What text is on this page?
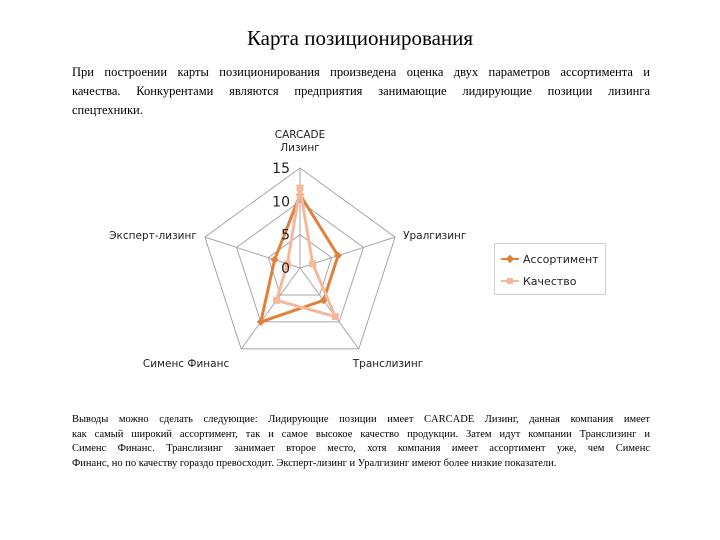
Карта позиционирования
При построении карты позиционирования произведена оценка двух параметров ассортимента и
качества. Конкурентами являются предприятия занимающие лидирующие позиции лизинга
спецтехники.
0
5
10
15
CARCADE Лизинг
Уралгизинг
Транслизинг
Сименс Финанс
Эксперт-лизинг
Ассортимент
Качество
Выводы можно сделать следующие: Лидирующие позиции имеет CARCADE Лизинг, данная компания имеет
как самый широкий ассортимент, так и самое высокое качество продукции. Затем идут компании Транслизинг и
Сименс Финанс. Транслизинг занимает второе место, хотя компания имеет ассортимент уже, чем Сименс
Финанс, но по качеству гораздо превосходит. Эксперт-лизинг и Уралгизинг имеют более низкие показатели.
